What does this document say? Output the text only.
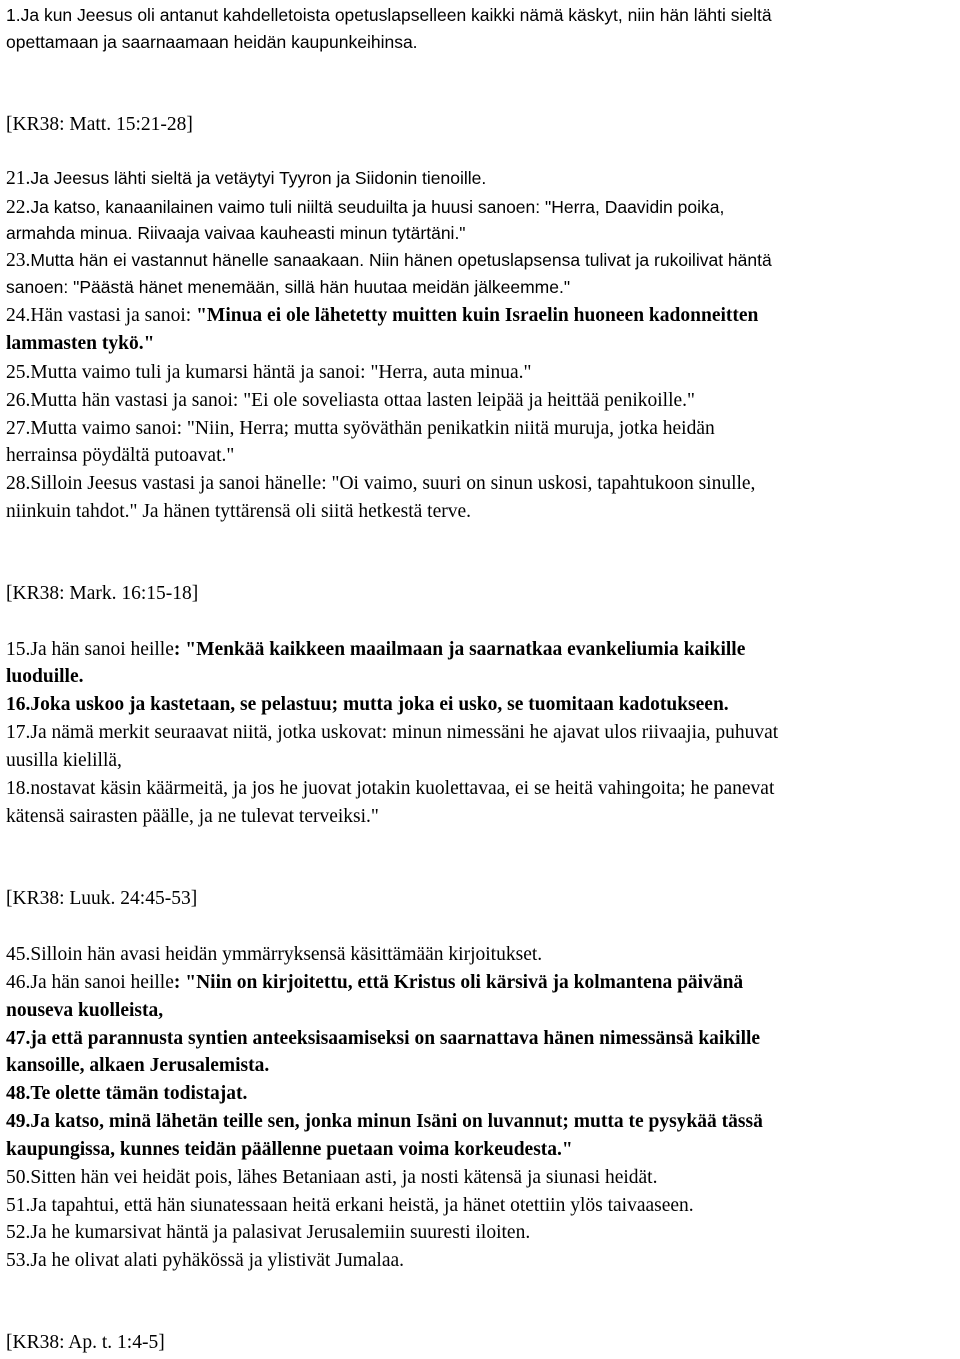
1.Ja kun Jeesus oli antanut kahdelletoista opetuslapselleen kaikki nämä käskyt, niin hän lähti sieltä
opettamaan ja saarnaamaan heidän kaupunkeihinsa.
[KR38: Matt. 15:21-28]
21.Ja Jeesus lähti sieltä ja vetäytyi Tyyron ja Siidonin tienoille.
22.Ja katso, kanaanilainen vaimo tuli niiltä seuduilta ja huusi sanoen: "Herra, Daavidin poika,
armahda minua. Riivaaja vaivaa kauheasti minun tytärtäni."
23.Mutta hän ei vastannut hänelle sanaakaan. Niin hänen opetuslapsensa tulivat ja rukoilivat häntä
sanoen: "Päästä hänet menemään, sillä hän huutaa meidän jälkeemme."
24.Hän vastasi ja sanoi: "Minua ei ole lähetetty muitten kuin Israelin huoneen kadonneitten
lammasten tykö."
25.Mutta vaimo tuli ja kumarsi häntä ja sanoi: "Herra, auta minua."
26.Mutta hän vastasi ja sanoi: "Ei ole soveliasta ottaa lasten leipää ja heittää penikoille."
27.Mutta vaimo sanoi: "Niin, Herra; mutta syöväthän penikatkin niitä muruja, jotka heidän
herrainsa pöydältä putoavat."
28.Silloin Jeesus vastasi ja sanoi hänelle: "Oi vaimo, suuri on sinun uskosi, tapahtukoon sinulle,
niinkuin tahdot." Ja hänen tyttärensä oli siitä hetkestä terve.
[KR38: Mark. 16:15-18]
15.Ja hän sanoi heille: "Menkää kaikkeen maailmaan ja saarnatkaa evankeliumia kaikille
luoduille.
16.Joka uskoo ja kastetaan, se pelastuu; mutta joka ei usko, se tuomitaan kadotukseen.
17.Ja nämä merkit seuraavat niitä, jotka uskovat: minun nimessäni he ajavat ulos riivaajia, puhuvat
uusilla kielillä,
18.nostavat käsin käärmeitä, ja jos he juovat jotakin kuolettavaa, ei se heitä vahingoita; he panevat
kätensä sairasten päälle, ja ne tulevat terveiksi."
[KR38: Luuk. 24:45-53]
45.Silloin hän avasi heidän ymmärryksensä käsittämään kirjoitukset.
46.Ja hän sanoi heille: "Niin on kirjoitettu, että Kristus oli kärsivä ja kolmantena päivänä
nouseva kuolleista,
47.ja että parannusta syntien anteeksisaamiseksi on saarnattava hänen nimessänsä kaikille
kansoille, alkaen Jerusalemista.
48.Te olette tämän todistajat.
49.Ja katso, minä lähetän teille sen, jonka minun Isäni on luvannut; mutta te pysykää tässä
kaupungissa, kunnes teidän päällenne puetaan voima korkeudesta."
50.Sitten hän vei heidät pois, lähes Betaniaan asti, ja nosti kätensä ja siunasi heidät.
51.Ja tapahtui, että hän siunatessaan heitä erkani heistä, ja hänet otettiin ylös taivaaseen.
52.Ja he kumarsivat häntä ja palasivat Jerusalemiin suuresti iloiten.
53.Ja he olivat alati pyhäkössä ja ylistivät Jumalaa.
[KR38: Ap. t. 1:4-5]
